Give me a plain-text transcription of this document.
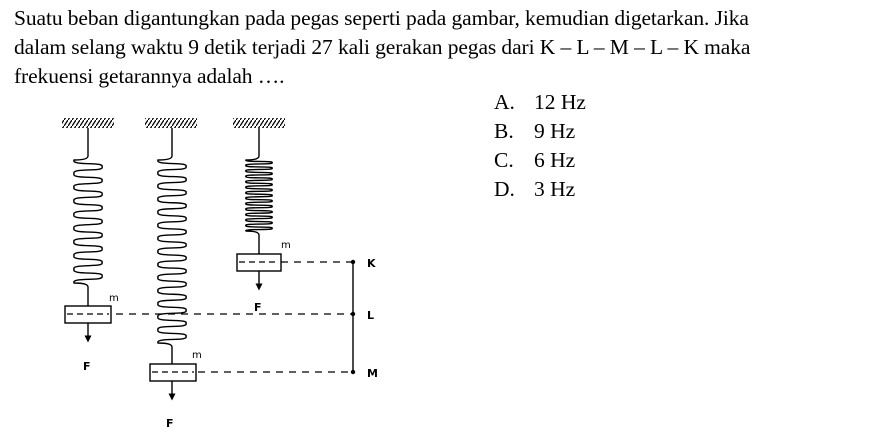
Suatu beban digantungkan pada pegas seperti pada gambar, kemudian digetarkan. Jika
dalam selang waktu 9 detik terjadi 27 kali gerakan pegas dari K – L – M – L – K maka
frekuensi getarannya adalah ….
A. 12 Hz
B. 9 Hz
C. 6 Hz
D. 3 Hz
K
L
M
m
F
m
F
m
F
